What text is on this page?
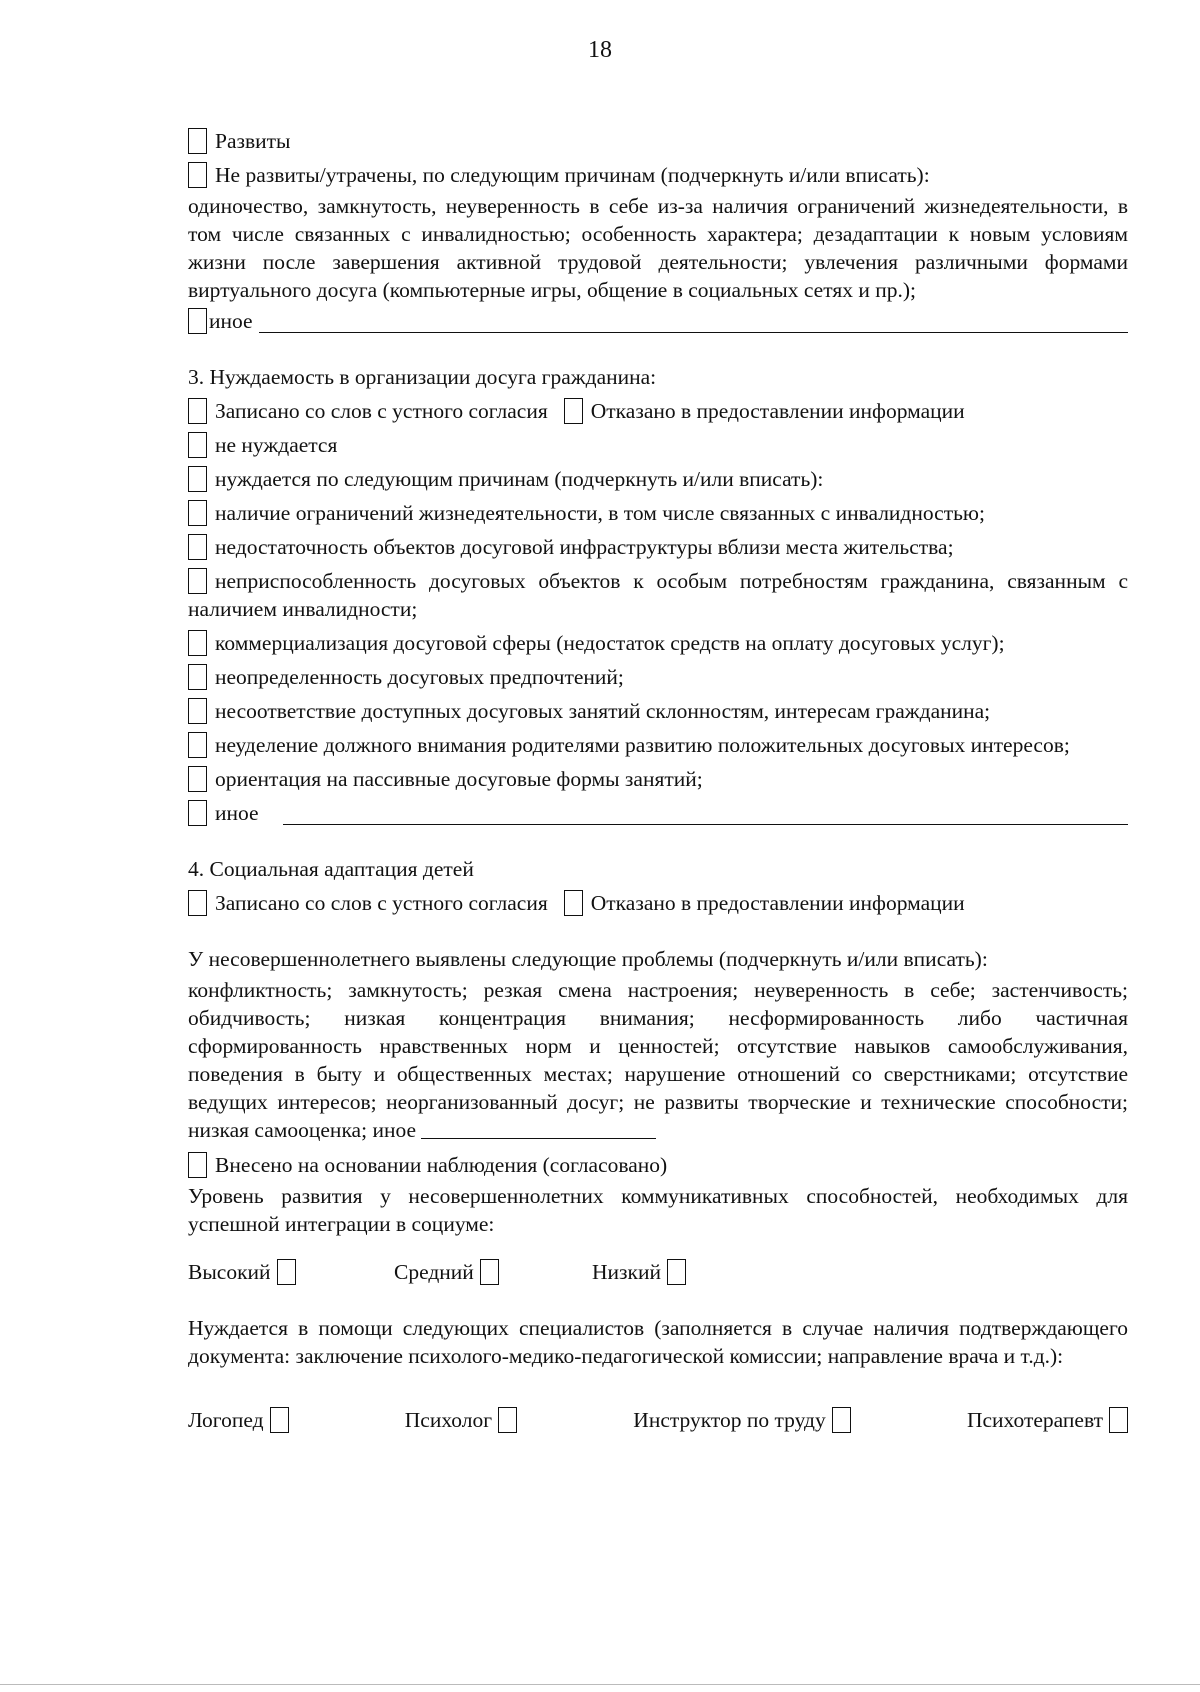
18
Развиты
Не развиты/утрачены, по следующим причинам (подчеркнуть и/или вписать):

одиночество, замкнутость, неуверенность в себе из-за наличия ограничений жизнедеятельности, в том числе связанных с инвалидностью; особенность характера; дезадаптации к новым условиям жизни после завершения активной трудовой деятельности; увлечения различными формами виртуального досуга (компьютерные игры, общение в социальных сетях и пр.);

иное
3. Нуждаемость в организации досуга гражданина:
Записано со слов с устного согласия Отказано в предоставлении информации
не нуждается
нуждается по следующим причинам (подчеркнуть и/или вписать):
наличие ограничений жизнедеятельности, в том числе связанных с инвалидностью;
недостаточность объектов досуговой инфраструктуры вблизи места жительства;
неприспособленность досуговых объектов к особым потребностям гражданина, связанным с наличием инвалидности;
коммерциализация досуговой сферы (недостаток средств на оплату досуговых услуг);
неопределенность досуговых предпочтений;
несоответствие доступных досуговых занятий склонностям, интересам гражданина;
неуделение должного внимания родителями развитию положительных досуговых интересов;
ориентация на пассивные досуговые формы занятий;
иное
4. Социальная адаптация детей
Записано со слов с устного согласия Отказано в предоставлении информации
У несовершеннолетнего выявлены следующие проблемы (подчеркнуть и/или вписать):

конфликтность; замкнутость; резкая смена настроения; неуверенность в себе; застенчивость; обидчивость; низкая концентрация внимания; несформированность либо частичная сформированность нравственных норм и ценностей; отсутствие навыков самообслуживания, поведения в быту и общественных местах; нарушение отношений со сверстниками; отсутствие ведущих интересов; неорганизованный досуг; не развиты творческие и технические способности; низкая самооценка; иное

Внесено на основании наблюдения (согласовано)

Уровень развития у несовершеннолетних коммуникативных способностей, необходимых для успешной интеграции в социуме:

Высокий	Средний	Низкий

Нуждается в помощи следующих специалистов (заполняется в случае наличия подтверждающего документа: заключение психолого-медико-педагогической комиссии; направление врача и т.д.):

Логопед	Психолог	Инструктор по труду	Психотерапевт
